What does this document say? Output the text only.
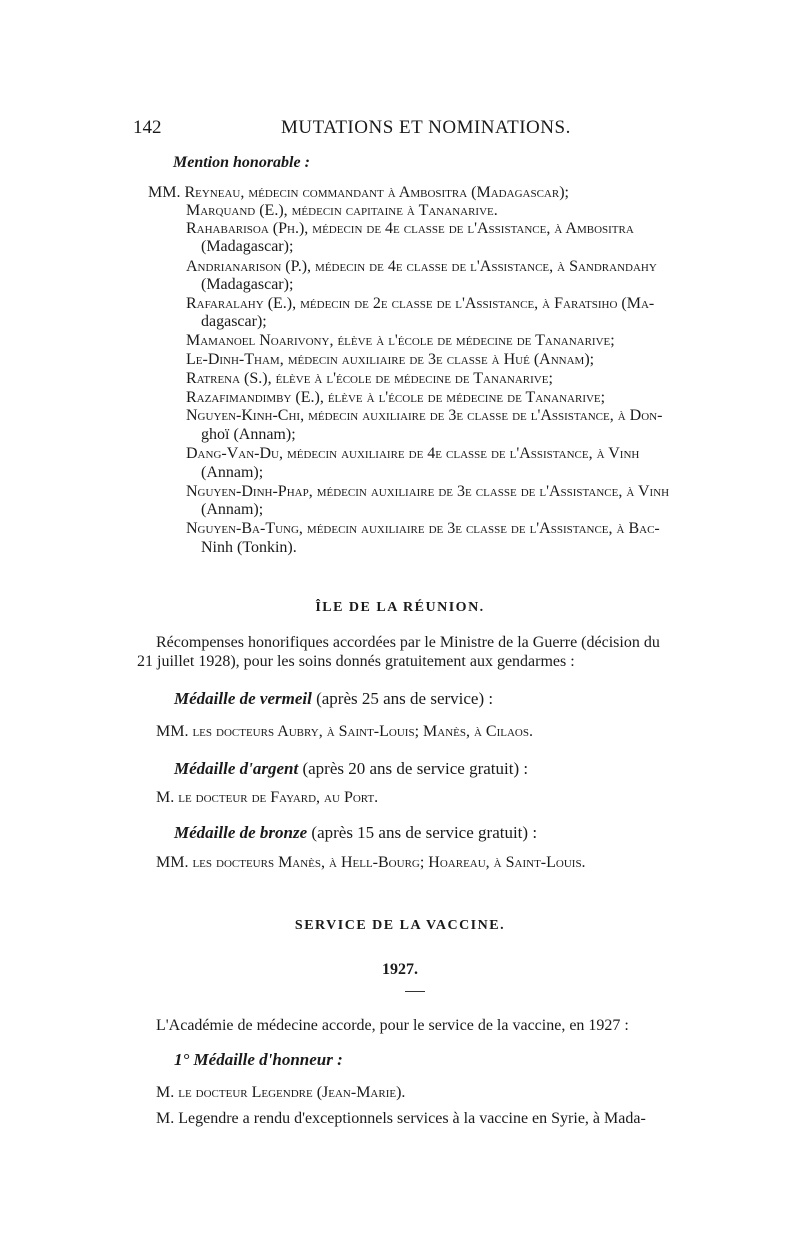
142	MUTATIONS ET NOMINATIONS.
Mention honorable :
MM. Reyneau, médecin commandant à Ambositra (Madagascar);
Marquand (E.), médecin capitaine à Tananarive.
Rahabarisoa (Ph.), médecin de 4e classe de l'Assistance, à Ambositra
(Madagascar);
Andrianarison (P.), médecin de 4e classe de l'Assistance, à Sandrandahy
(Madagascar);
Rafaralahy (E.), médecin de 2e classe de l'Assistance, à Faratsiho (Ma-
dagascar);
Mamanoel Noarivony, élève à l'école de médecine de Tananarive;
Le-Dinh-Tham, médecin auxiliaire de 3e classe à Hué (Annam);
Ratrena (S.), élève à l'école de médecine de Tananarive;
Razafimandimby (E.), élève à l'école de médecine de Tananarive;
Nguyen-Kinh-Chi, médecin auxiliaire de 3e classe de l'Assistance, à Don-
ghoï (Annam);
Dang-Van-Du, médecin auxiliaire de 4e classe de l'Assistance, à Vinh
(Annam);
Nguyen-Dinh-Phap, médecin auxiliaire de 3e classe de l'Assistance, à Vinh
(Annam);
Nguyen-Ba-Tung, médecin auxiliaire de 3e classe de l'Assistance, à Bac-
Ninh (Tonkin).
ÎLE DE LA RÉUNION.
Récompenses honorifiques accordées par le Ministre de la Guerre (décision du
21 juillet 1928), pour les soins donnés gratuitement aux gendarmes :
Médaille de vermeil (après 25 ans de service) :
MM. les docteurs Aubry, à Saint-Louis; Manès, à Cilaos.
Médaille d'argent (après 20 ans de service gratuit) :
M. le docteur de Fayard, au Port.
Médaille de bronze (après 15 ans de service gratuit) :
MM. les docteurs Manès, à Hell-Bourg; Hoareau, à Saint-Louis.
SERVICE DE LA VACCINE.
1927.
L'Académie de médecine accorde, pour le service de la vaccine, en 1927 :
1° Médaille d'honneur :
M. le docteur Legendre (Jean-Marie).
M. Legendre a rendu d'exceptionnels services à la vaccine en Syrie, à Mada-
